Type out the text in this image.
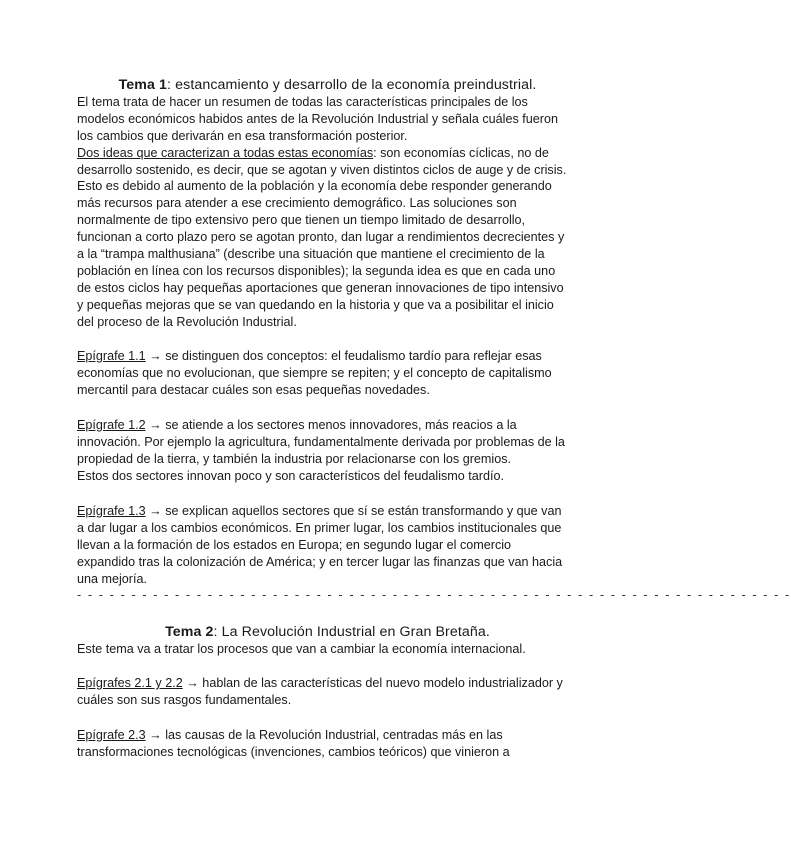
Tema 1: estancamiento y desarrollo de la economía preindustrial.
El tema trata de hacer un resumen de todas las características principales de los
modelos económicos habidos antes de la Revolución Industrial y señala cuáles fueron
los cambios que derivarán en esa transformación posterior.
Dos ideas que caracterizan a todas estas economías: son economías cíclicas, no de
desarrollo sostenido, es decir, que se agotan y viven distintos ciclos de auge y de crisis.
Esto es debido al aumento de la población y la economía debe responder generando
más recursos para atender a ese crecimiento demográfico. Las soluciones son
normalmente de tipo extensivo pero que tienen un tiempo limitado de desarrollo,
funcionan a corto plazo pero se agotan pronto, dan lugar a rendimientos decrecientes y
a la “trampa malthusiana” (describe una situación que mantiene el crecimiento de la
población en línea con los recursos disponibles); la segunda idea es que en cada uno
de estos ciclos hay pequeñas aportaciones que generan innovaciones de tipo intensivo
y pequeñas mejoras que se van quedando en la historia y que va a posibilitar el inicio
del proceso de la Revolución Industrial.
Epígrafe 1.1 → se distinguen dos conceptos: el feudalismo tardío para reflejar esas
economías que no evolucionan, que siempre se repiten; y el concepto de capitalismo
mercantil para destacar cuáles son esas pequeñas novedades.
Epígrafe 1.2 → se atiende a los sectores menos innovadores, más reacios a la
innovación. Por ejemplo la agricultura, fundamentalmente derivada por problemas de la
propiedad de la tierra, y también la industria por relacionarse con los gremios.
Estos dos sectores innovan poco y son característicos del feudalismo tardío.
Epígrafe 1.3 → se explican aquellos sectores que sí se están transformando y que van
a dar lugar a los cambios económicos. En primer lugar, los cambios institucionales que
llevan a la formación de los estados en Europa; en segundo lugar el comercio
expandido tras la colonización de América; y en tercer lugar las finanzas que van hacia
una mejoría.
- - - - - - - - - - - - - - - - - - - - - - - - - - - - - - - - - - - - - - - - - - - - - - - - - - - - - - - - - - - - - - - - - -
Tema 2: La Revolución Industrial en Gran Bretaña.
Este tema va a tratar los procesos que van a cambiar la economía internacional.
Epígrafes 2.1 y 2.2 → hablan de las características del nuevo modelo industrializador y
cuáles son sus rasgos fundamentales.
Epígrafe 2.3 → las causas de la Revolución Industrial, centradas más en las
transformaciones tecnológicas (invenciones, cambios teóricos) que vinieron a
